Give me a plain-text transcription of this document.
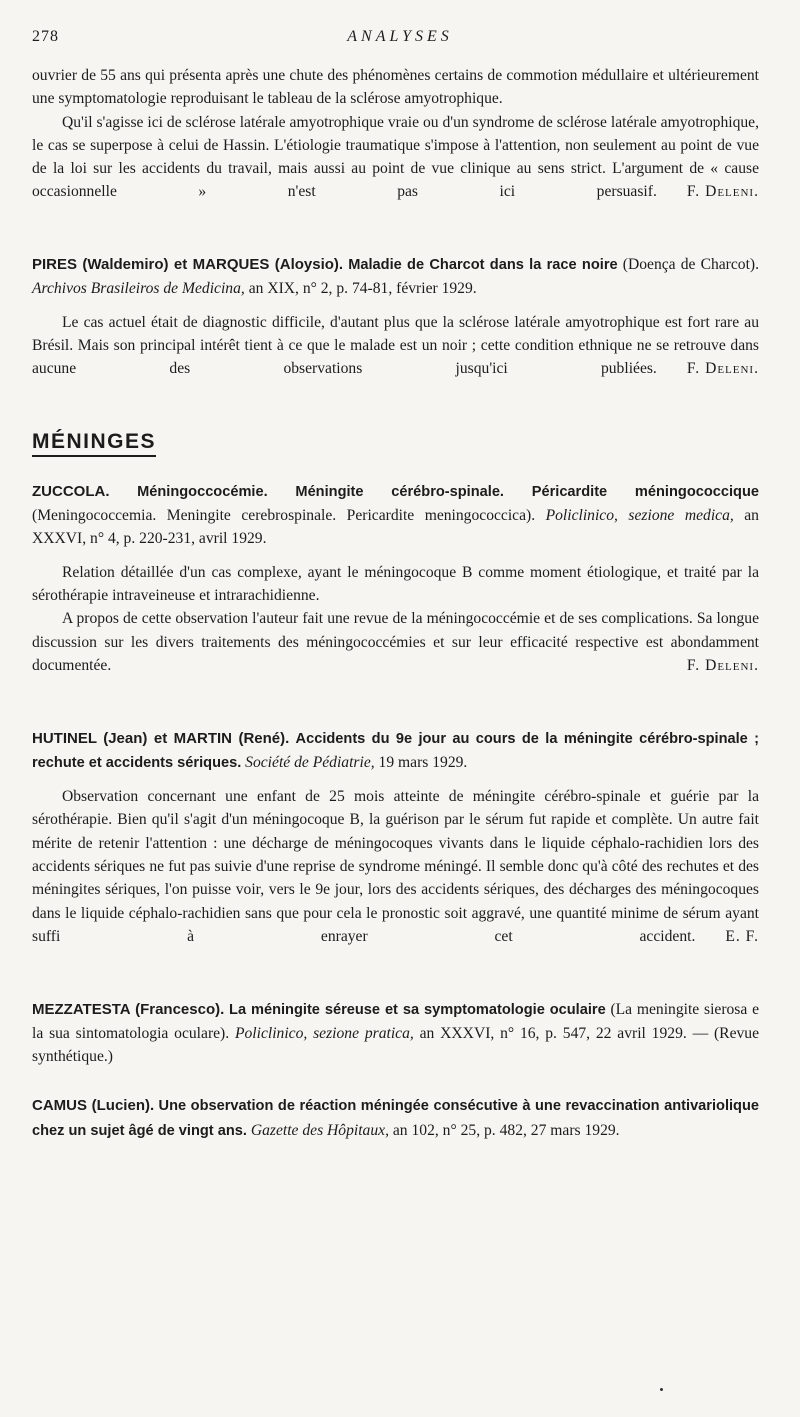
278	ANALYSES

ouvrier de 55 ans qui présenta après une chute des phénomènes certains de commotion médullaire et ultérieurement une symptomatologie reproduisant le tableau de la sclérose amyotrophique.

Qu'il s'agisse ici de sclérose latérale amyotrophique vraie ou d'un syndrome de sclérose latérale amyotrophique, le cas se superpose à celui de Hassin. L'étiologie traumatique s'impose à l'attention, non seulement au point de vue de la loi sur les accidents du travail, mais aussi au point de vue clinique au sens strict. L'argument de « cause occasionnelle » n'est pas ici persuasif.	F. Deleni.

PIRES (Waldemiro) et MARQUES (Aloysio). Maladie de Charcot dans la race noire (Doença de Charcot). Archivos Brasileiros de Medicina, an XIX, n° 2, p. 74-81, février 1929.

Le cas actuel était de diagnostic difficile, d'autant plus que la sclérose latérale amyotrophique est fort rare au Brésil. Mais son principal intérêt tient à ce que le malade est un noir ; cette condition ethnique ne se retrouve dans aucune des observations jusqu'ici publiées.	F. Deleni.

MÉNINGES
ZUCCOLA. Méningoccocémie. Méningite cérébro-spinale. Péricardite méningococcique (Meningococcemia. Meningite cerebrospinale. Pericardite meningococcica). Policlinico, sezione medica, an XXXVI, n° 4, p. 220-231, avril 1929.

Relation détaillée d'un cas complexe, ayant le méningocoque B comme moment étiologique, et traité par la sérothérapie intraveineuse et intrarachidienne.

A propos de cette observation l'auteur fait une revue de la méningococcémie et de ses complications. Sa longue discussion sur les divers traitements des méningococcémies et sur leur efficacité respective est abondamment documentée.	F. Deleni.

HUTINEL (Jean) et MARTIN (René). Accidents du 9e jour au cours de la méningite cérébro-spinale ; rechute et accidents sériques. Société de Pédiatrie, 19 mars 1929.

Observation concernant une enfant de 25 mois atteinte de méningite cérébro-spinale et guérie par la sérothérapie. Bien qu'il s'agit d'un méningocoque B, la guérison par le sérum fut rapide et complète. Un autre fait mérite de retenir l'attention : une décharge de méningocoques vivants dans le liquide céphalo-rachidien lors des accidents sériques ne fut pas suivie d'une reprise de syndrome méningé. Il semble donc qu'à côté des rechutes et des méningites sériques, l'on puisse voir, vers le 9e jour, lors des accidents sériques, des décharges des méningocoques dans le liquide céphalo-rachidien sans que pour cela le pronostic soit aggravé, une quantité minime de sérum ayant suffi à enrayer cet accident.	E. F.

MEZZATESTA (Francesco). La méningite séreuse et sa symptomatologie oculaire (La meningite sierosa e la sua sintomatologia oculare). Policlinico, sezione pratica, an XXXVI, n° 16, p. 547, 22 avril 1929. — (Revue synthétique.)
CAMUS (Lucien). Une observation de réaction méningée consécutive à une revaccination antivariolique chez un sujet âgé de vingt ans. Gazette des Hôpitaux, an 102, n° 25, p. 482, 27 mars 1929.
